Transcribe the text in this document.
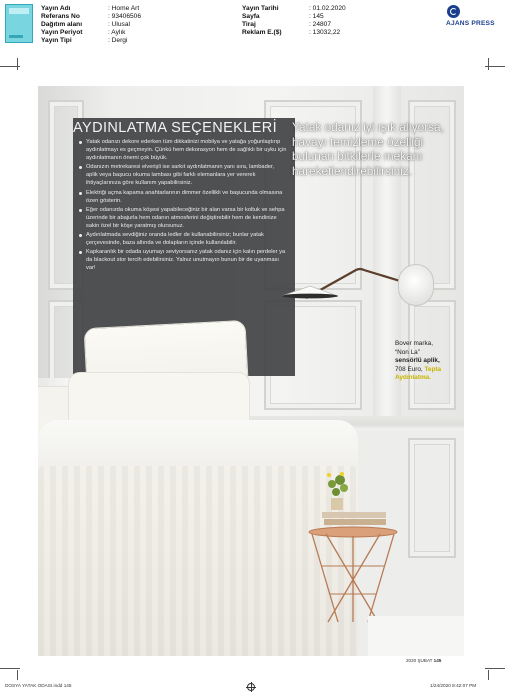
Yayın Adı	: Home Art
Referans No	: 93406506
Dağıtım alanı	: Ulusal
Yayın Periyot	: Aylık
Yayın Tipi	: Dergi
Yayın Tarihi	: 01.02.2020
Sayfa	: 145
Tiraj	: 24807
Reklam E.($)	: 13032,22
AJANS PRESS
AYDINLATMA SEÇENEKLERİ
Yatak odanızı dekore ederken tüm dikkatinizi mobilya ve yatağa yoğunlaştırıp aydınlatmayı es geçmeyin. Çünkü hem dekorasyon hem de sağlıklı bir uyku için aydınlatmanın önemi çok büyük.
Odanızın metrekaresi elverişli ise sarkıt aydınlatmanın yanı sıra, lambader, aplik veya başucu okuma lambası gibi farklı elemanlara yer vererek ihtiyaçlarınıza göre kullanım yapabilirsiniz.
Elektriği açma kapama anahtarlarının dimmer özellikli ve başucunda olmasına özen gösterin.
Eğer odanızda okuma köşesi yapabileceğiniz bir alan varsa bir koltuk ve sehpa üzerinde bir abajurla hem odanın atmosferini değiştirebilir hem de kendinize sakin özel bir köşe yaratmış olursunuz.
Aydınlatmada sevdiğiniz oranda ledler de kullanabilirsiniz; bunlar yatak çerçevesinde, baza altında ve dolapların içinde kullanılabilir.
Kapkaranlık bir odada uyumayı seviyorsanız yatak odanız için kalın perdeler ya da blackout stor tercih edebilirsiniz. Yalnız unutmayın bunun bir de uyanması var!
Yatak odanız iyi ışık alıyorsa, havayı temizleme özelliği bulunan bitkilerle mekanı hareketlendirebilirsiniz.
Bover marka,
“Non La”
sensörlü aplik,
708 Euro, Tepta Aydınlatma.
2020 ŞUBAT 145
DOSYA YATAK ODASI.indd 145	1/24/2020 8:42:07 PM
